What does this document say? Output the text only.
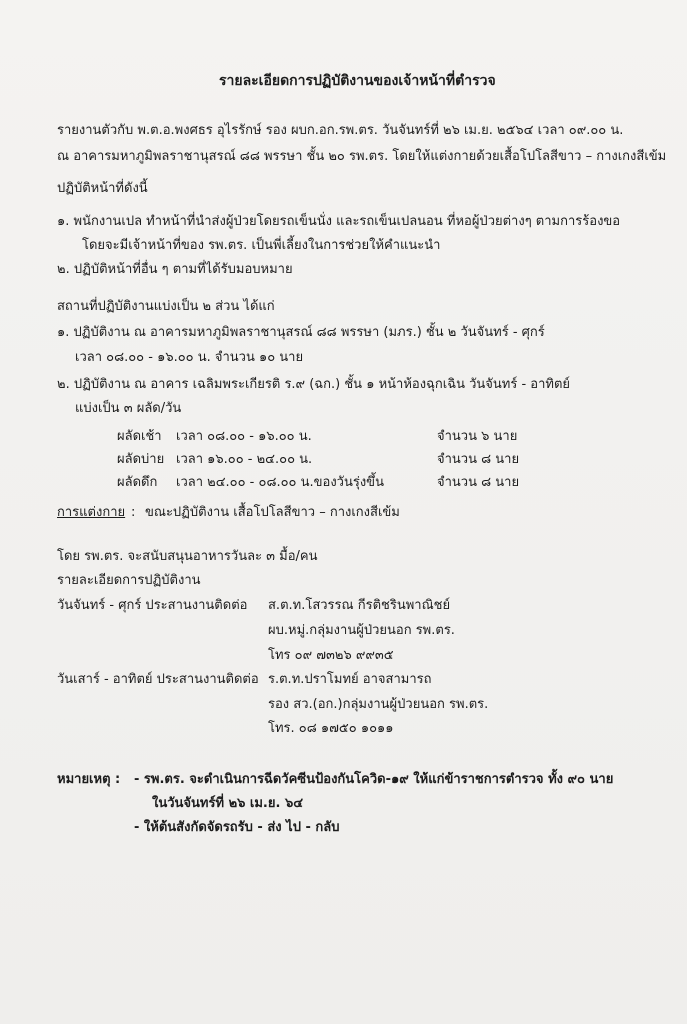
รายละเอียดการปฏิบัติงานของเจ้าหน้าที่ตำรวจ
รายงานตัวกับ พ.ต.อ.พงศธร อุไรรักษ์ รอง ผบก.อก.รพ.ตร. วันจันทร์ที่ ๒๖ เม.ย. ๒๕๖๔ เวลา ๐๙.๐๐ น.
ณ อาคารมหาภูมิพลราชานุสรณ์ ๘๘ พรรษา ชั้น ๒๐ รพ.ตร. โดยให้แต่งกายด้วยเสื้อโปโลสีขาว – กางเกงสีเข้ม
ปฏิบัติหน้าที่ดังนี้
๑. พนักงานเปล ทำหน้าที่นำส่งผู้ป่วยโดยรถเข็นนั่ง และรถเข็นเปลนอน ที่หอผู้ป่วยต่างๆ ตามการร้องขอ
โดยจะมีเจ้าหน้าที่ของ รพ.ตร. เป็นพี่เลี้ยงในการช่วยให้คำแนะนำ
๒. ปฏิบัติหน้าที่อื่น ๆ ตามที่ได้รับมอบหมาย
สถานที่ปฏิบัติงานแบ่งเป็น ๒ ส่วน ได้แก่
๑. ปฏิบัติงาน ณ อาคารมหาภูมิพลราชานุสรณ์ ๘๘ พรรษา (มภร.) ชั้น ๒ วันจันทร์ - ศุกร์
เวลา ๐๘.๐๐ - ๑๖.๐๐ น. จำนวน ๑๐ นาย
๒. ปฏิบัติงาน ณ อาคาร เฉลิมพระเกียรติ ร.๙ (ฉก.) ชั้น ๑ หน้าห้องฉุกเฉิน วันจันทร์ - อาทิตย์
แบ่งเป็น ๓ ผลัด/วัน
ผลัดเช้า เวลา ๐๘.๐๐ - ๑๖.๐๐ น.	จำนวน ๖ นาย
ผลัดบ่าย เวลา ๑๖.๐๐ - ๒๔.๐๐ น.	จำนวน ๘ นาย
ผลัดดึก เวลา ๒๔.๐๐ - ๐๘.๐๐ น.ของวันรุ่งขึ้น	จำนวน ๘ นาย
การแต่งกาย : ขณะปฏิบัติงาน เสื้อโปโลสีขาว – กางเกงสีเข้ม
โดย รพ.ตร. จะสนับสนุนอาหารวันละ ๓ มื้อ/คน
รายละเอียดการปฏิบัติงาน
วันจันทร์ - ศุกร์ ประสานงานติดต่อ ส.ต.ท.โสวรรณ กีรติชรินพาณิชย์
ผบ.หมู่.กลุ่มงานผู้ป่วยนอก รพ.ตร.
โทร ๐๙ ๗๓๒๖ ๙๙๓๕
วันเสาร์ - อาทิตย์ ประสานงานติดต่อ ร.ต.ท.ปราโมทย์ อาจสามารถ
รอง สว.(อก.)กลุ่มงานผู้ป่วยนอก รพ.ตร.
โทร. ๐๘ ๑๗๕๐ ๑๐๑๑
หมายเหตุ : - รพ.ตร. จะดำเนินการฉีดวัคซีนป้องกันโควิด-๑๙ ให้แก่ข้าราชการตำรวจ ทั้ง ๙๐ นาย
ในวันจันทร์ที่ ๒๖ เม.ย. ๖๔
- ให้ต้นสังกัดจัดรถรับ - ส่ง ไป - กลับ
